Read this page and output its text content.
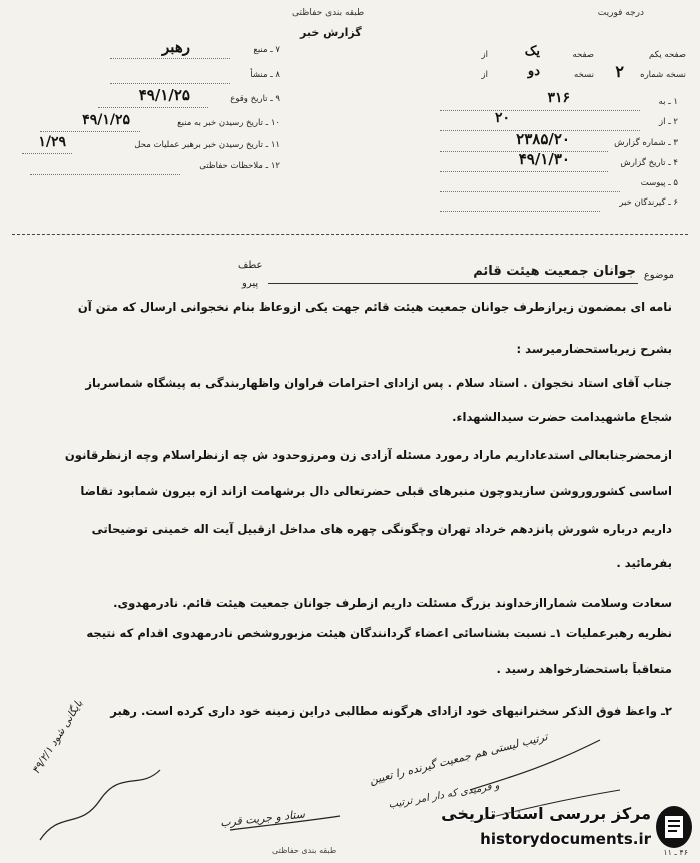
درجه فوریت
طبقه بندی حفاظتی
گزارش خبر
صفحه یکم
از	یک	صفحه
نسخه شماره
۲
از	دو	نسخه
۱ ـ به
۳۱۶
۲ ـ از
۲۰
۳ ـ شماره گزارش
۲۳۸۵/۲۰
۴ ـ تاریخ گزارش
۴۹/۱/۳۰
۵ ـ پیوست
۶ ـ گیرندگان خبر
۷ ـ منبع
رهبر
۸ ـ منشأ
۹ ـ تاریخ وقوع
۴۹/۱/۲۵
۱۰ ـ تاریخ رسیدن خبر به منبع
۴۹/۱/۲۵
۱۱ ـ تاریخ رسیدن خبر برهبر عملیات محل
۱/۲۹
۱۲ ـ ملاحظات حفاظتی
عطف
پیرو
موضوع
جوانان جمعیت هیئت قائم
نامه ای بمضمون زیرازطرف جوانان جمعیت هیئت قائم جهت یکی ازوعاظ بنام نخجوانی ارسال که متن آن
بشرح زیرباستحضارمیرسد :
جناب آقای استاد نخجوان . استاد سلام . پس ازادای احترامات فراوان واظهاربندگی به پیشگاه شماسرباز
شجاع ماشهیدامت حضرت سیدالشهداء.
ازمحضرجنابعالی استدعاداریم ماراد رمورد مسئله آزادی زن ومرزوحدود ش چه ازنظراسلام وچه ازنظرقانون
اساسی کشوروروشن سازیدوچون منبرهای قبلی حضرتعالی دال برشهامت ازاند ازه بیرون شمابود تقاضا
داریم درباره شورش پانزدهم خرداد تهران وچگونگی چهره های مداخل ازقبیل آیت اله خمینی توضیحاتی
بفرمائید .
سعادت وسلامت شماراازخداوند بزرگ مسئلت داریم ازطرف جوانان جمعیت هیئت قائم. نادرمهدوی.
نظریه رهبرعملیات ۱ـ نسبت بشناسائی اعضاء گردانندگان هیئت مزبوروشخص نادرمهدوی اقدام که نتیجه
متعاقباً باستحضارخواهد رسید .
۲ـ واعظ فوق الذکر سخنرانیهای خود ازادای هرگونه مطالبی دراین زمینه خود داری کرده است. رهبر
ترتیب لیستی هم جمعیت گیرنده را تعیین
بایگانی شود ۴۹/۲/۱
ستاد و جریت قرب
و فرمیدی که دار امر ترتیب
طبقه بندی حفاظتی	۴۶ ـ ۱۱
مرکز بررسی اسناد تاریخی
historydocuments.ir
